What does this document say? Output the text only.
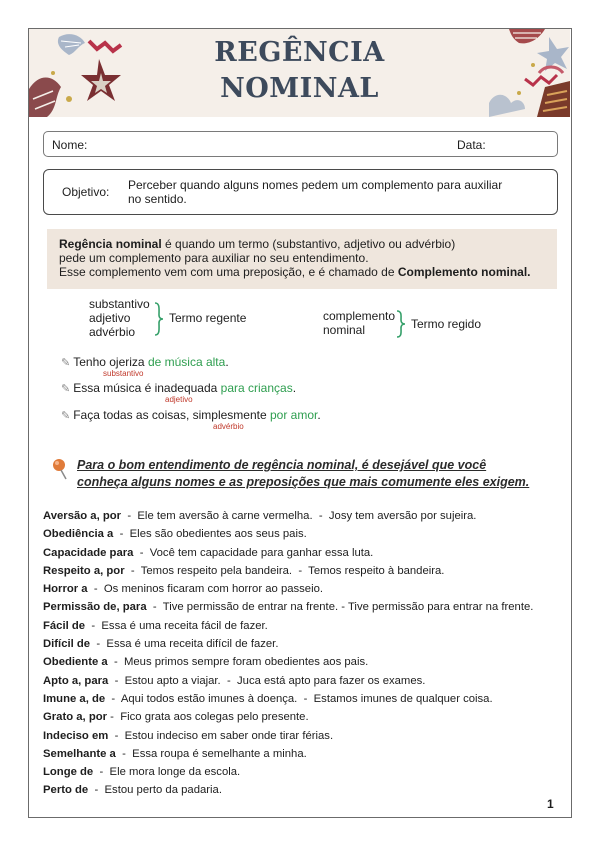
REGÊNCIA
NOMINAL
Nome:	Data:
Objetivo: Perceber quando alguns nomes pedem um complemento para auxiliar
no sentido.
Regência nominal é quando um termo (substantivo, adjetivo ou advérbio)
pede um complemento para auxiliar no seu entendimento.
Esse complemento vem com uma preposição, e é chamado de Complemento nominal.
substantivo
adjetivo
advérbio
Termo regente	complemento
nominal	Termo regido
✎ Tenho ojeriza de música alta.
substantivo
✎ Essa música é inadequada para crianças.
adjetivo
✎ Faça todas as coisas, simplesmente por amor.
advérbio
Para o bom entendimento de regência nominal, é desejável que você
conheça alguns nomes e as preposições que mais comumente eles exigem.
Aversão a, por  -  Ele tem aversão à carne vermelha.  -  Josy tem aversão por sujeira.
Obediência a  -  Eles são obedientes aos seus pais.
Capacidade para  -  Você tem capacidade para ganhar essa luta.
Respeito a, por  -  Temos respeito pela bandeira.  -  Temos respeito à bandeira.
Horror a  -  Os meninos ficaram com horror ao passeio.
Permissão de, para  -  Tive permissão de entrar na frente. - Tive permissão para entrar na frente.
Fácil de  -  Essa é uma receita fácil de fazer.
Difícil de  -  Essa é uma receita difícil de fazer.
Obediente a  -  Meus primos sempre foram obedientes aos pais.
Apto a, para  -  Estou apto a viajar.  -  Juca está apto para fazer os exames.
Imune a, de  -  Aqui todos estão imunes à doença.  -  Estamos imunes de qualquer coisa.
Grato a, por -  Fico grata aos colegas pelo presente.
Indeciso em  -  Estou indeciso em saber onde tirar férias.
Semelhante a  -  Essa roupa é semelhante a minha.
Longe de  -  Ele mora longe da escola.
Perto de  -  Estou perto da padaria.
1
